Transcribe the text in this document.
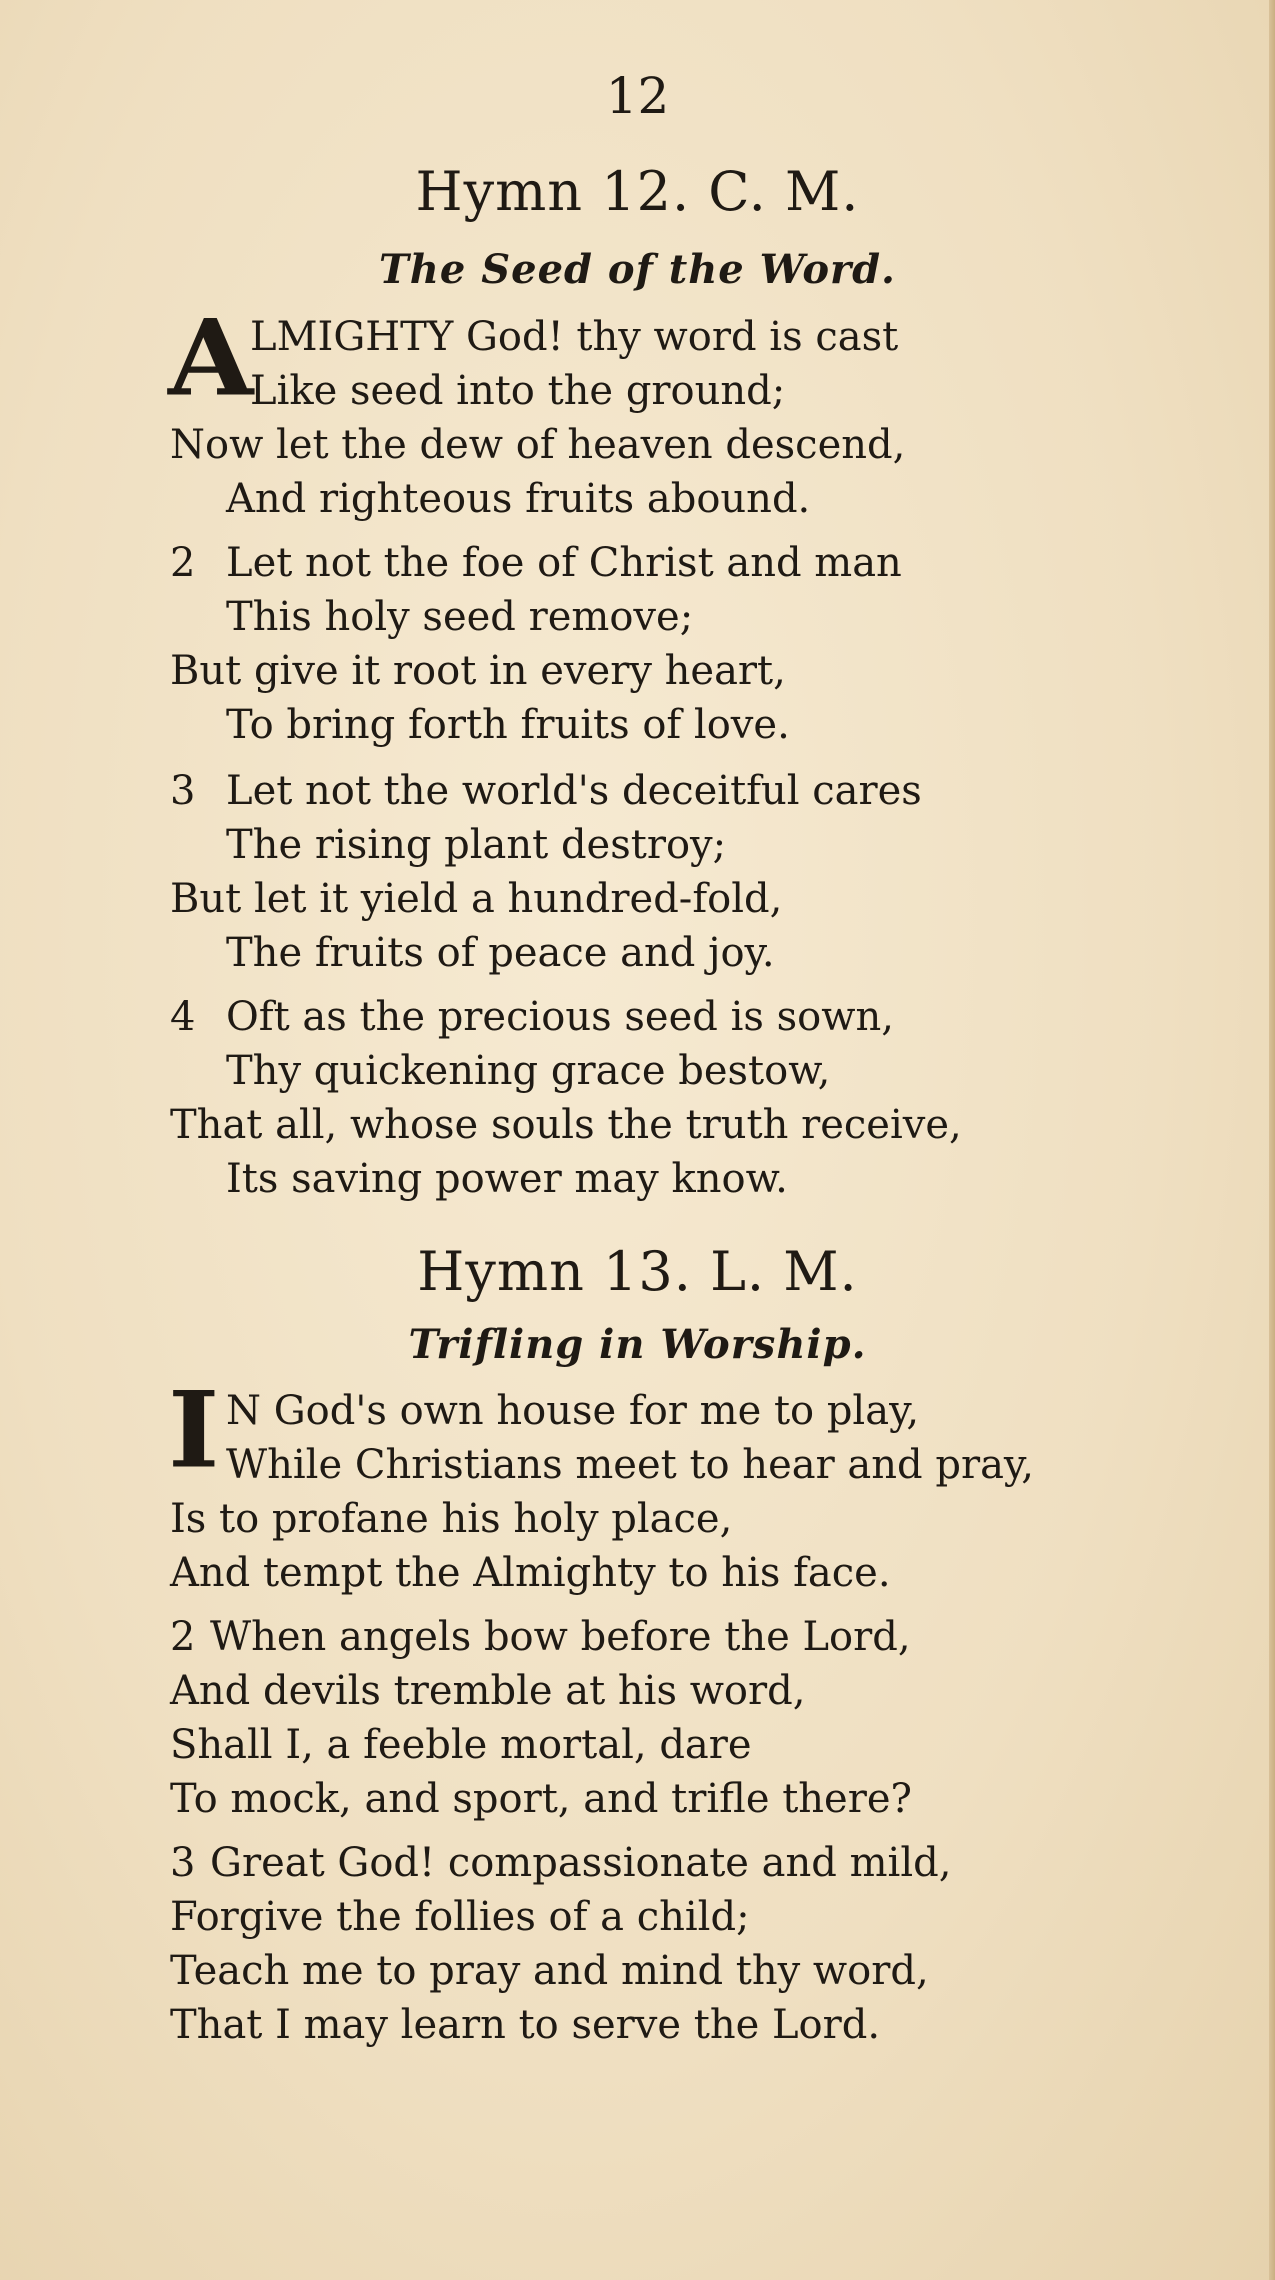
12
Hymn 12. C. M.
The Seed of the Word.
A
LMIGHTY God! thy word is cast
Like seed into the ground;
Now let the dew of heaven descend,
And righteous fruits abound.
2 Let not the foe of Christ and man
This holy seed remove;
But give it root in every heart,
To bring forth fruits of love.
3 Let not the world's deceitful cares
The rising plant destroy;
But let it yield a hundred-fold,
The fruits of peace and joy.
4 Oft as the precious seed is sown,
Thy quickening grace bestow,
That all, whose souls the truth receive,
Its saving power may know.
Hymn 13. L. M.
Trifling in Worship.
I N God's own house for me to play,
While Christians meet to hear and pray,
Is to profane his holy place,
And tempt the Almighty to his face.
2 When angels bow before the Lord,
And devils tremble at his word,
Shall I, a feeble mortal, dare
To mock, and sport, and trifle there?
3 Great God! compassionate and mild,
Forgive the follies of a child;
Teach me to pray and mind thy word,
That I may learn to serve the Lord.
